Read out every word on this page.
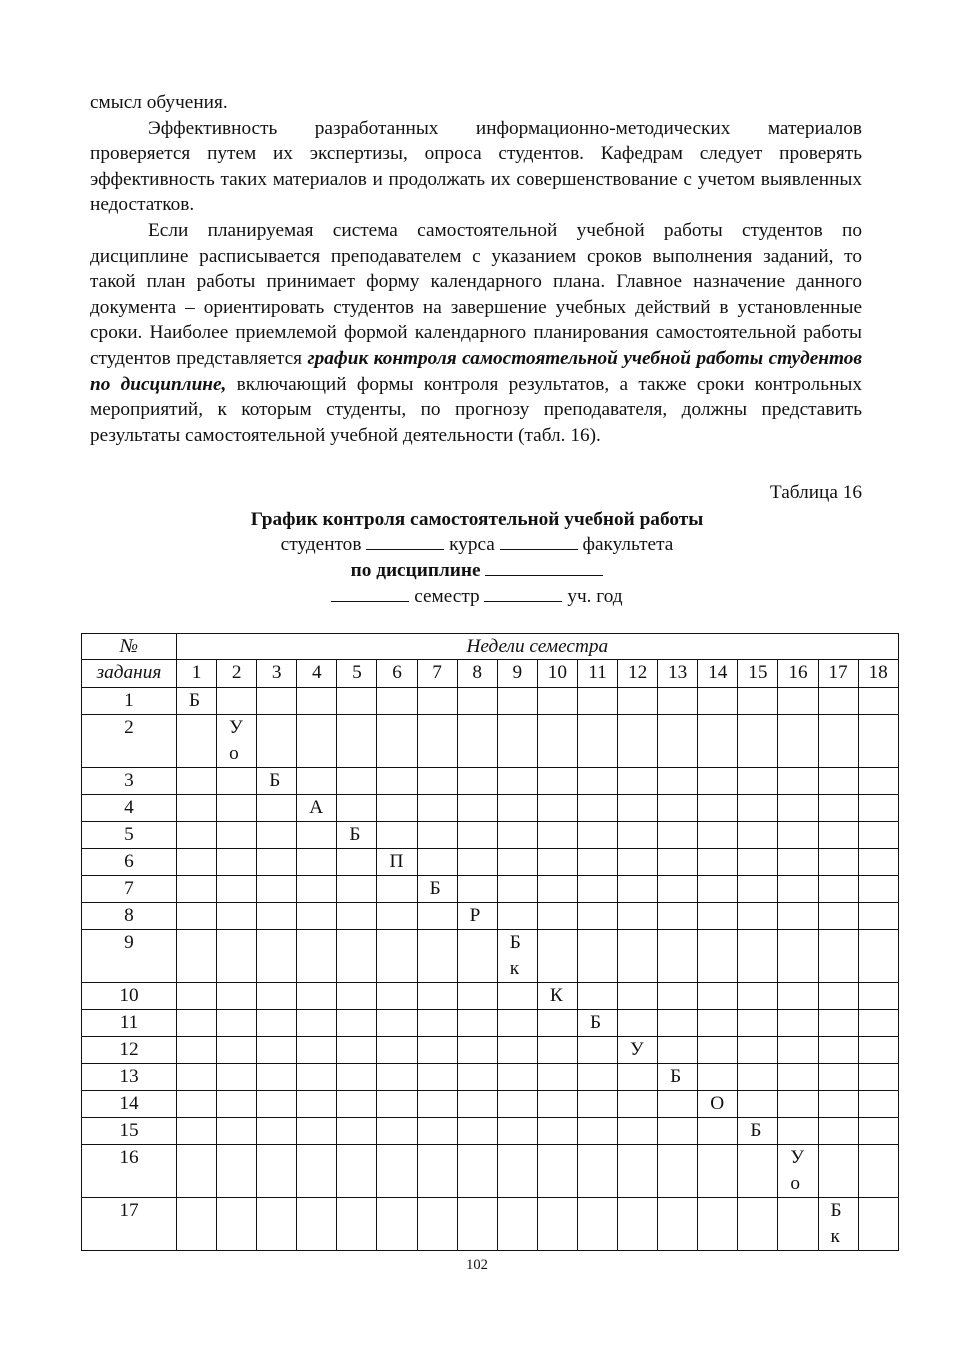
смысл обучения.

Эффективность разработанных информационно-методических материалов проверяется путем их экспертизы, опроса студентов. Кафедрам следует проверять эффективность таких материалов и продолжать их совершенствование с учетом выявленных недостатков.

Если планируемая система самостоятельной учебной работы студентов по дисциплине расписывается преподавателем с указанием сроков выполнения заданий, то такой план работы принимает форму календарного плана. Главное назначение данного документа – ориентировать студентов на завершение учебных действий в установленные сроки. Наиболее приемлемой формой календарного планирования самостоятельной работы студентов представляется график контроля самостоятельной учебной работы студентов по дисциплине, включающий формы контроля результатов, а также сроки контрольных мероприятий, к которым студенты, по прогнозу преподавателя, должны представить результаты самостоятельной учебной деятельности (табл. 16).

Таблица 16
График контроля самостоятельной учебной работы
студентов	курса	факультета
по дисциплине
семестр	уч. год
№	Недели семестра																	
задания	1	2	3	4	5	6	7	8	9	10	11	12	13	14	15	16	17	18
1	Б																	

2		У
о																

3			Б															

4				А														

5					Б													

6						П												

7							Б											

8								Р										

9									Б
к									

10										К								

11											Б							

12												У						

13													Б					

14														О				

15															Б			

16																У
о		

17																	Б
к	

102
